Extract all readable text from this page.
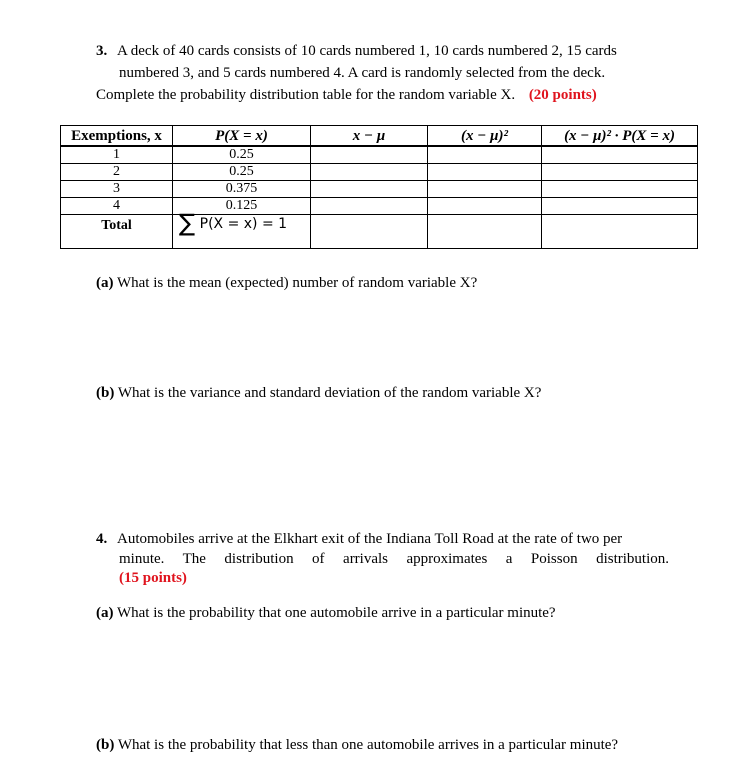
3. A deck of 40 cards consists of 10 cards numbered 1, 10 cards numbered 2, 15 cards
numbered 3, and 5 cards numbered 4. A card is randomly selected from the deck.
Complete the probability distribution table for the random variable X. (20 points)
Exemptions, x	P(X = x)	x − μ	(x − μ)²	(x − μ)² · P(X = x)
1	0.25			
2	0.25			
3	0.375			
4	0.125			
Total	∑ P(X = x) = 1			
(a) What is the mean (expected) number of random variable X?
(b) What is the variance and standard deviation of the random variable X?
4. Automobiles arrive at the Elkhart exit of the Indiana Toll Road at the rate of two per
minute. The distribution of arrivals approximates a Poisson distribution.
(15 points)
(a) What is the probability that one automobile arrive in a particular minute?
(b) What is the probability that less than one automobile arrives in a particular minute?
